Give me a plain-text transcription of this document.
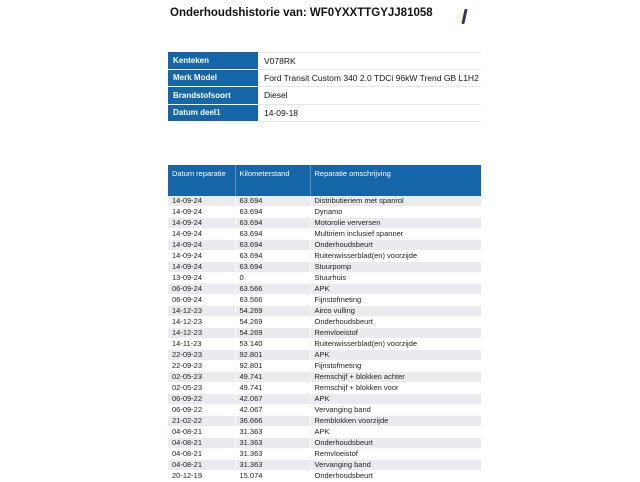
Onderhoudshistorie van: WF0YXXTTGYJJ81058
Kenteken	V078RK
Merk Model	Ford Transit Custom 340 2.0 TDCi 96kW Trend GB L1H2
Brandstofsoort	Diesel
Datum deel1	14-09-18
Datum reparatie	Kilometerstand	Reparatie omschrijving
14-09-24	63.694	Distributieriem met spanrol
14-09-24	63.694	Dynamo
14-09-24	63.694	Motorolie verversen
14-09-24	63.694	Multiriem inclusief spanner
14-09-24	63.694	Onderhoudsbeurt
14-09-24	63.694	Ruitenwisserblad(en) voorzijde
14-09-24	63.694	Stuurpomp
13-09-24	0	Stuurhuis
06-09-24	63.566	APK
06-09-24	63.566	Fijnstofmeting
14-12-23	54.269	Airco vulling
14-12-23	54.269	Onderhoudsbeurt
14-12-23	54.269	Remvloeistof
14-11-23	53.140	Ruitenwisserblad(en) voorzijde
22-09-23	92.801	APK
22-09-23	92.801	Fijnstofmeting
02-05-23	49.741	Remschijf + blokken achter
02-05-23	49.741	Remschijf + blokken voor
06-09-22	42.067	APK
06-09-22	42.067	Vervanging band
21-02-22	36.666	Remblokken voorzijde
04-08-21	31.363	APK
04-08-21	31.363	Onderhoudsbeurt
04-08-21	31.363	Remvloeistof
04-08-21	31.363	Vervanging band
20-12-19	15.074	Onderhoudsbeurt
